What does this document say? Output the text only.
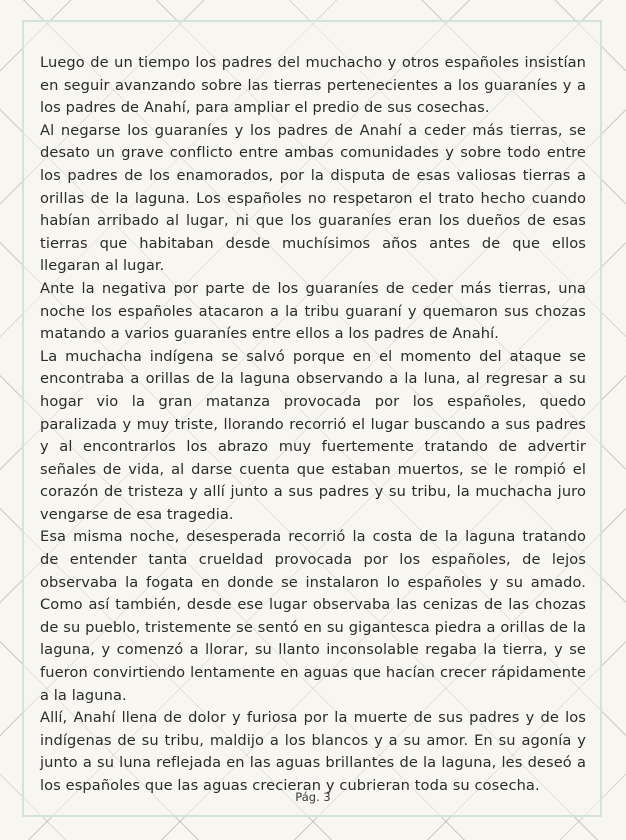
Luego de un tiempo los padres del muchacho y otros españoles insistían en seguir avanzando sobre las tierras pertenecientes a los guaraníes y a los padres de Anahí, para ampliar el predio de sus cosechas.

Al negarse los guaraníes y los padres de Anahí a ceder más tierras, se desato un grave conflicto entre ambas comunidades y sobre todo entre los padres de los enamorados, por la disputa de esas valiosas tierras a orillas de la laguna. Los españoles no respetaron el trato hecho cuando habían arribado al lugar, ni que los guaraníes eran los dueños de esas tierras que habitaban desde muchísimos años antes de que ellos llegaran al lugar.

Ante la negativa por parte de los guaraníes de ceder más tierras, una noche los españoles atacaron a la tribu guaraní y quemaron sus chozas matando a varios guaraníes entre ellos a los padres de Anahí.

La muchacha indígena se salvó porque en el momento del ataque se encontraba a orillas de la laguna observando a la luna, al regresar a su hogar vio la gran matanza provocada por los españoles, quedo paralizada y muy triste, llorando recorrió el lugar buscando a sus padres y al encontrarlos los abrazo muy fuertemente tratando de advertir señales de vida, al darse cuenta que estaban muertos, se le rompió el corazón de tristeza y allí junto a sus padres y su tribu, la muchacha juro vengarse de esa tragedia.

Esa misma noche, desesperada recorrió la costa de la laguna tratando de entender tanta crueldad provocada por los españoles, de lejos observaba la fogata en donde se instalaron lo españoles y su amado. Como así también, desde ese lugar observaba las cenizas de las chozas de su pueblo, tristemente se sentó en su gigantesca piedra a orillas de la laguna, y comenzó a llorar, su llanto inconsolable regaba la tierra, y se fueron convirtiendo lentamente en aguas que hacían crecer rápidamente a la laguna.

Allí, Anahí llena de dolor y furiosa por la muerte de sus padres y de los indígenas de su tribu, maldijo a los blancos y a su amor. En su agonía y junto a su luna reflejada en las aguas brillantes de la laguna, les deseó a los españoles que las aguas crecieran y cubrieran toda su cosecha.

Pág. 3
